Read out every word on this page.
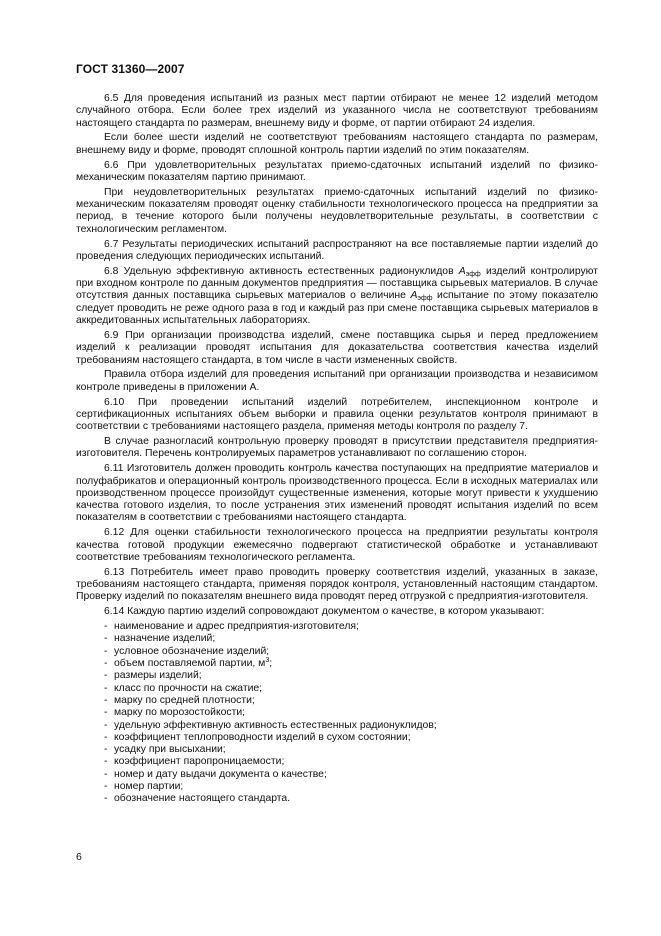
ГОСТ 31360—2007

6.5 Для проведения испытаний из разных мест партии отбирают не менее 12 изделий методом случайного отбора. Если более трех изделий из указанного числа не соответствуют требованиям настоящего стандарта по размерам, внешнему виду и форме, от партии отбирают 24 изделия.

Если более шести изделий не соответствуют требованиям настоящего стандарта по размерам, внешнему виду и форме, проводят сплошной контроль партии изделий по этим показателям.

6.6 При удовлетворительных результатах приемо-сдаточных испытаний изделий по физико-механическим показателям партию принимают.

При неудовлетворительных результатах приемо-сдаточных испытаний изделий по физико-механическим показателям проводят оценку стабильности технологического процесса на предприятии за период, в течение которого были получены неудовлетворительные результаты, в соответствии с технологическим регламентом.

6.7 Результаты периодических испытаний распространяют на все поставляемые партии изделий до проведения следующих периодических испытаний.

6.8 Удельную эффективную активность естественных радионуклидов $A_{эфф}$ изделий контролируют при входном контроле по данным документов предприятия — поставщика сырьевых материалов. В случае отсутствия данных поставщика сырьевых материалов о величине $A_{эфф}$ испытание по этому показателю следует проводить не реже одного раза в год и каждый раз при смене поставщика сырьевых материалов в аккредитованных испытательных лабораториях.

6.9 При организации производства изделий, смене поставщика сырья и перед предложением изделий к реализации проводят испытания для доказательства соответствия качества изделий требованиям настоящего стандарта, в том числе в части измененных свойств.

Правила отбора изделий для проведения испытаний при организации производства и независимом контроле приведены в приложении А.

6.10 При проведении испытаний изделий потребителем, инспекционном контроле и сертификационных испытаниях объем выборки и правила оценки результатов контроля принимают в соответствии с требованиями настоящего раздела, применяя методы контроля по разделу 7.

В случае разногласий контрольную проверку проводят в присутствии представителя предприятия-изготовителя. Перечень контролируемых параметров устанавливают по соглашению сторон.

6.11 Изготовитель должен проводить контроль качества поступающих на предприятие материалов и полуфабрикатов и операционный контроль производственного процесса. Если в исходных материалах или производственном процессе произойдут существенные изменения, которые могут привести к ухудшению качества готового изделия, то после устранения этих изменений проводят испытания изделий по всем показателям в соответствии с требованиями настоящего стандарта.

6.12 Для оценки стабильности технологического процесса на предприятии результаты контроля качества готовой продукции ежемесячно подвергают статистической обработке и устанавливают соответствие требованиям технологического регламента.

6.13 Потребитель имеет право проводить проверку соответствия изделий, указанных в заказе, требованиям настоящего стандарта, применяя порядок контроля, установленный настоящим стандартом. Проверку изделий по показателям внешнего вида проводят перед отгрузкой с предприятия-изготовителя.

6.14 Каждую партию изделий сопровождают документом о качестве, в котором указывают:

- наименование и адрес предприятия-изготовителя;
- назначение изделий;
- условное обозначение изделий;
- объем поставляемой партии, $м^3$;
- размеры изделий;
- класс по прочности на сжатие;
- марку по средней плотности;
- марку по морозостойкости;
- удельную эффективную активность естественных радионуклидов;
- коэффициент теплопроводности изделий в сухом состоянии;
- усадку при высыхании;
- коэффициент паропроницаемости;
- номер и дату выдачи документа о качестве;
- номер партии;
- обозначение настоящего стандарта.
6
